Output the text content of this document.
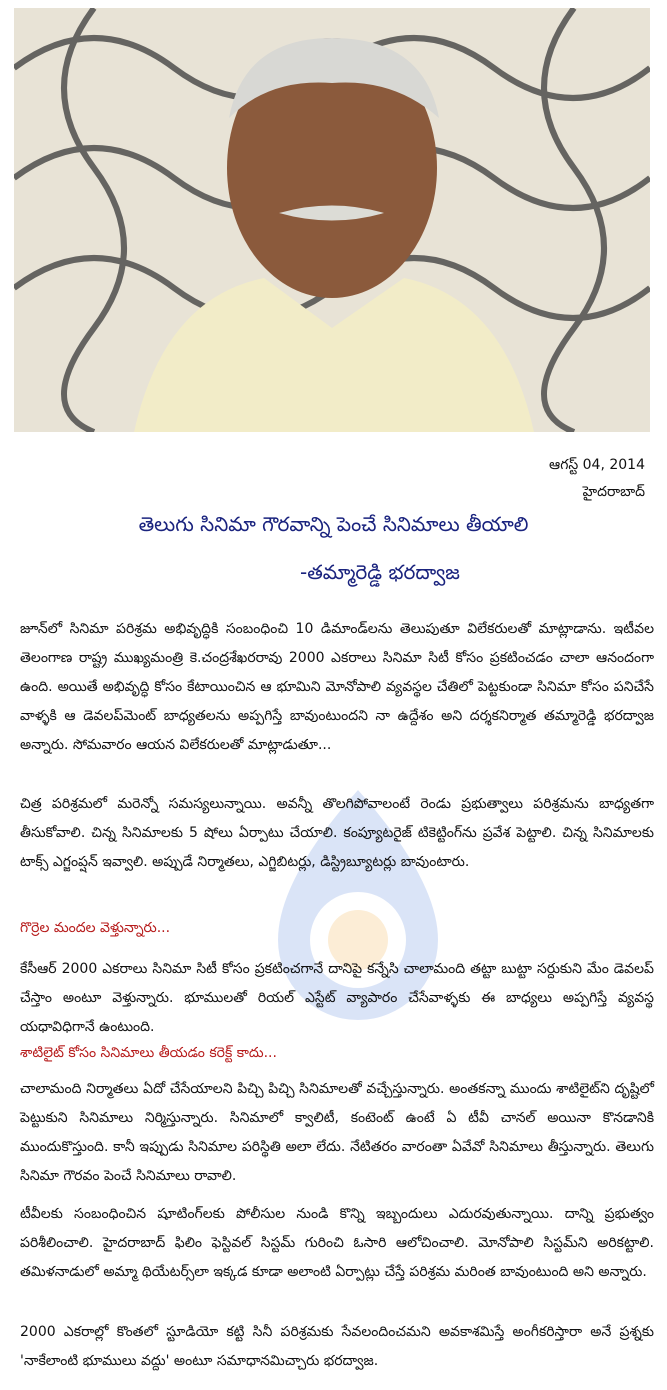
ఆగస్ట్ 04, 2014
హైదరాబాద్
తెలుగు సినిమా గౌరవాన్ని పెంచే సినిమాలు తీయాలి
-తమ్మారెడ్డి భరద్వాజ

జూన్‌లో సినిమా పరిశ్రమ అభివృద్ధికి సంబంధించి 10 డిమాండ్‌లను తెలుపుతూ విలేకరులతో మాట్లాడాను. ఇటీవల తెలంగాణ రాష్ట్ర ముఖ్యమంత్రి కె.చంద్రశేఖరరావు 2000 ఎకరాలు సినిమా సిటీ కోసం ప్రకటించడం చాలా ఆనందంగా ఉంది. అయితే అభివృద్ధి కోసం కేటాయించిన ఆ భూమిని మోనోపాలి వ్యవస్థల చేతిలో పెట్టకుండా సినిమా కోసం పనిచేసే వాళ్ళకి ఆ డెవలప్‌మెంట్ బాధ్యతలను అప్పగిస్తే బావుంటుందని నా ఉద్దేశం అని దర్శకనిర్మాత తమ్మారెడ్డి భరద్వాజ అన్నారు. సోమవారం ఆయన విలేకరులతో మాట్లాడుతూ...

చిత్ర పరిశ్రమలో మరెన్నో సమస్యలున్నాయి. అవన్నీ తొలగిపోవాలంటే రెండు ప్రభుత్వాలు పరిశ్రమను బాధ్యతగా తీసుకోవాలి. చిన్న సినిమాలకు 5 షోలు ఏర్పాటు చేయాలి. కంప్యూటరైజ్ టికెట్టింగ్‌ను ప్రవేశ పెట్టాలి. చిన్న సినిమాలకు టాక్స్ ఎగ్జంప్షన్ ఇవ్వాలి. అప్పుడే నిర్మాతలు, ఎగ్జిబిటర్లు, డిస్ట్రిబ్యూటర్లు బావుంటారు.

గొర్రెల మందల వెళ్తున్నారు...

కేసీఆర్ 2000 ఎకరాలు సినిమా సిటీ కోసం ప్రకటించగానే దానిపై కన్నేసి చాలామంది తట్టా బుట్టా సర్దుకుని మేం డెవలప్ చేస్తాం అంటూ వెళ్తున్నారు. భూములతో రియల్ ఎస్టేట్ వ్యాపారం చేసేవాళ్ళకు ఈ బాధ్యలు అప్పగిస్తే వ్యవస్థ యధావిధిగానే ఉంటుంది.

శాటిలైట్ కోసం సినిమాలు తీయడం కరెక్ట్ కాదు...

చాలామంది నిర్మాతలు ఏదో చేసేయాలని పిచ్చి పిచ్చి సినిమాలతో వచ్చేస్తున్నారు. అంతకన్నా ముందు శాటిలైట్‌ని దృష్టిలో పెట్టుకుని సినిమాలు నిర్మిస్తున్నారు. సినిమాలో క్వాలిటీ, కంటెంట్ ఉంటే ఏ టీవీ చానల్ అయినా కొనడానికి ముందుకొస్తుంది. కానీ ఇప్పుడు సినిమాల పరిస్థితి అలా లేదు. నేటితరం వారంతా ఏవేవో సినిమాలు తీస్తున్నారు. తెలుగు సినిమా గౌరవం పెంచే సినిమాలు రావాలి.

టీవీలకు సంబంధించిన షూటింగ్‌లకు పోలీసుల నుండి కొన్ని ఇబ్బందులు ఎదురవుతున్నాయి. దాన్ని ప్రభుత్వం పరిశీలించాలి. హైదరాబాద్ ఫిలిం ఫెస్టివల్ సిస్టమ్ గురించి ఓసారి ఆలోచించాలి. మోనోపాలి సిస్టమ్‌ని అరికట్టాలి. తమిళనాడులో అమ్మా థియేటర్స్‌లా ఇక్కడ కూడా అలాంటి ఏర్పాట్లు చేస్తే పరిశ్రమ మరింత బావుంటుంది అని అన్నారు.

2000 ఎకరాల్లో కొంతలో స్టూడియో కట్టి సినీ పరిశ్రమకు సేవలందించమని అవకాశమిస్తే అంగీకరిస్తారా అనే ప్రశ్నకు 'నాకేలాంటి భూములు వద్దు' అంటూ సమాధానమిచ్చారు భరద్వాజ.
